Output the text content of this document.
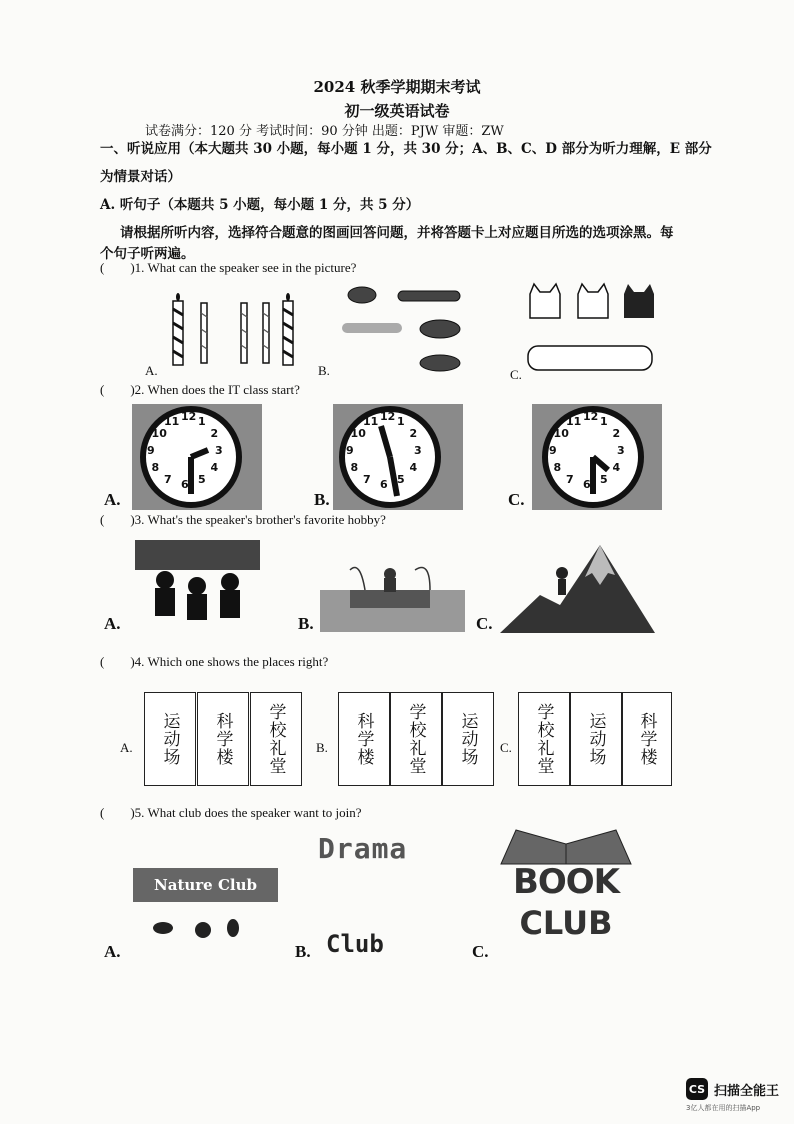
2024 秋季学期期末考试
初一级英语试卷
试卷满分：120 分 考试时间：90 分钟 出题：PJW 审题：ZW
一、听说应用（本大题共 30 小题，每小题 1 分，共 30 分；A、B、C、D 部分为听力理解，E 部分
为情景对话）
A. 听句子（本题共 5 小题，每小题 1 分，共 5 分）
请根据所听内容，选择符合题意的图画回答问题，并将答题卡上对应题目所选的选项涂黑。每
个句子听两遍。
( )1. What can the speaker see in the picture?
A.	B.	C.
( )2. When does the IT class start?
1
2
3
4
5
6
7
8
9
10
11 12
A.
1
2
3
4
5
6
7
8
9
10
11 12
B.
1
2
3
4
5
6
7
8
9
10
11 12
C.
( )3. What's the speaker's brother's favorite hobby?
A.	B.	C.
( )4. Which one shows the places right?
A. 运动场 科学楼 学校礼堂 B. 科学楼 学校礼堂 运动场 C. 学校礼堂 运动场 科学楼
( )5. What club does the speaker want to join?
Nature Club
A.
Drama
Club
B.
BOOK
CLUB
C.
CS 扫描全能王
3亿人都在用的扫描App
